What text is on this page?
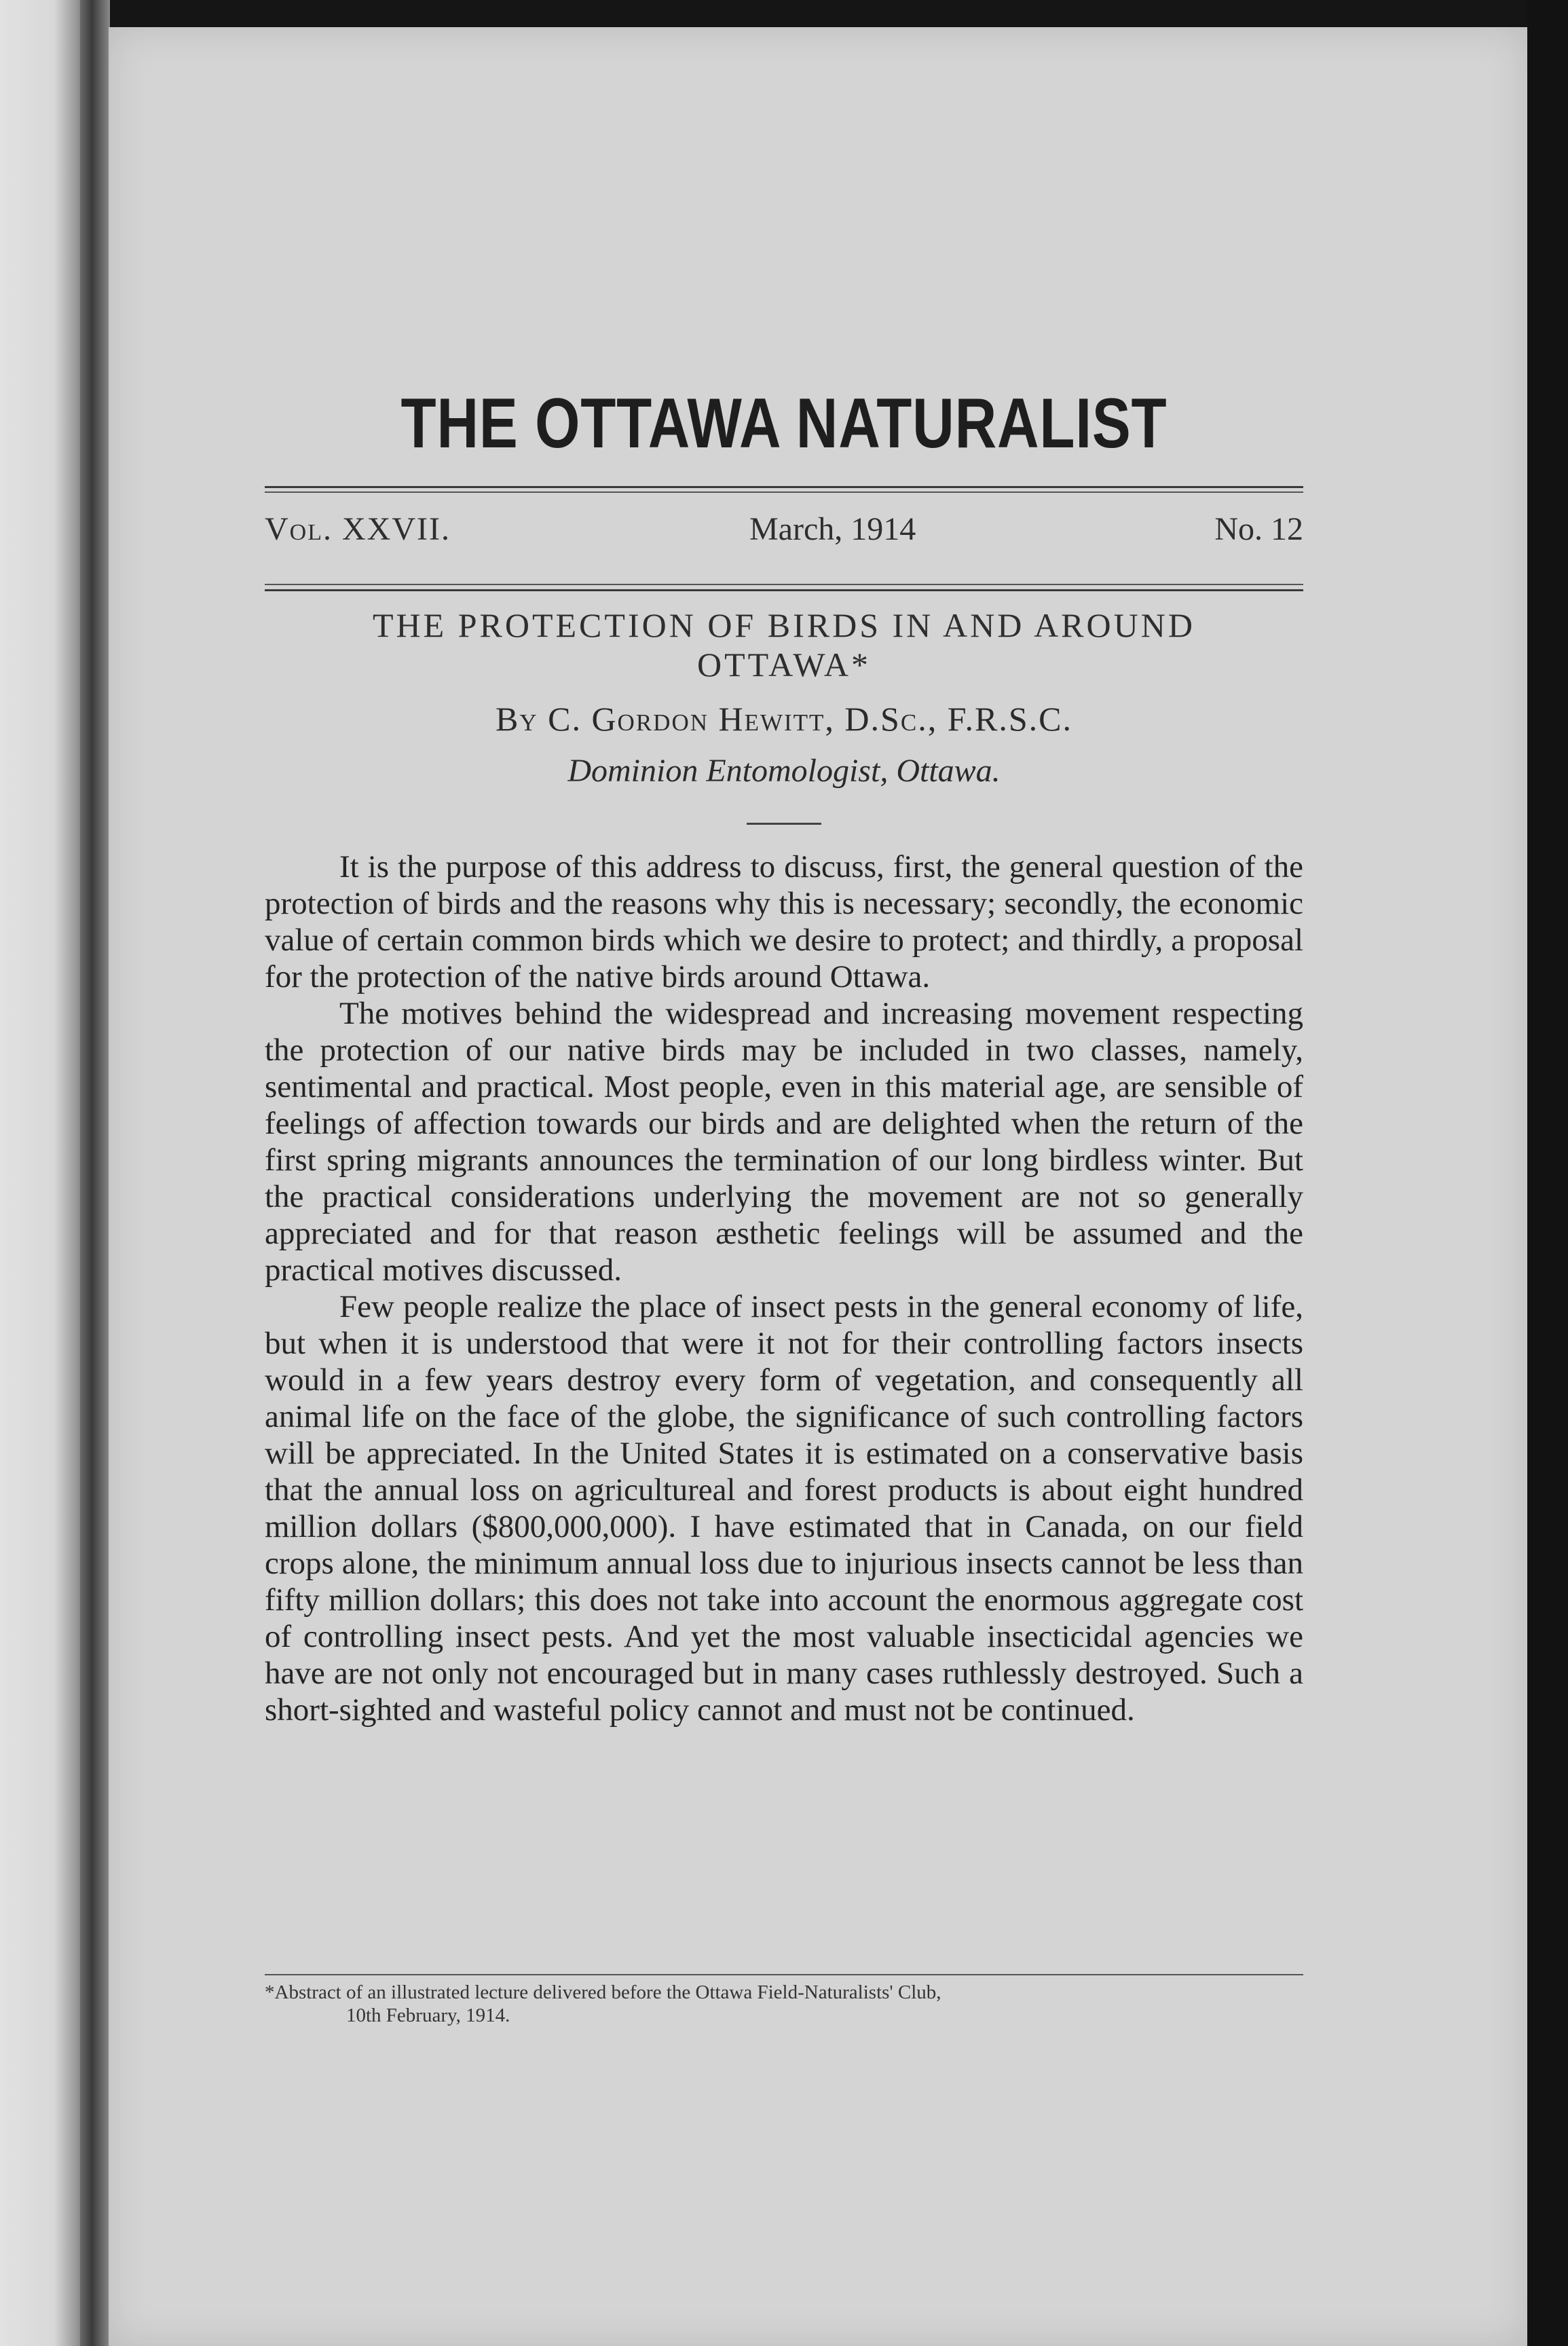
THE OTTAWA NATURALIST
Vol. XXVII.	March, 1914	No. 12
THE PROTECTION OF BIRDS IN AND AROUND
OTTAWA*
By C. Gordon Hewitt, D.Sc., F.R.S.C.
Dominion Entomologist, Ottawa.

It is the purpose of this address to discuss, first, the general question of the protection of birds and the reasons why this is necessary; secondly, the economic value of certain common birds which we desire to protect; and thirdly, a proposal for the protection of the native birds around Ottawa.

The motives behind the widespread and increasing movement respecting the protection of our native birds may be included in two classes, namely, sentimental and practical. Most people, even in this material age, are sensible of feelings of affection towards our birds and are delighted when the return of the first spring migrants announces the termination of our long birdless winter. But the practical considerations underlying the movement are not so generally appreciated and for that reason æsthetic feelings will be assumed and the practical motives discussed.

Few people realize the place of insect pests in the general economy of life, but when it is understood that were it not for their controlling factors insects would in a few years destroy every form of vegetation, and consequently all animal life on the face of the globe, the significance of such controlling factors will be appreciated. In the United States it is estimated on a conservative basis that the annual loss on agricultureal and forest products is about eight hundred million dollars ($800,000,000). I have estimated that in Canada, on our field crops alone, the minimum annual loss due to injurious insects cannot be less than fifty million dollars; this does not take into account the enormous aggregate cost of controlling insect pests. And yet the most valuable insecticidal agencies we have are not only not encouraged but in many cases ruthlessly destroyed. Such a short-sighted and wasteful policy cannot and must not be continued.

*Abstract of an illustrated lecture delivered before the Ottawa Field-Naturalists' Club,
10th February, 1914.
